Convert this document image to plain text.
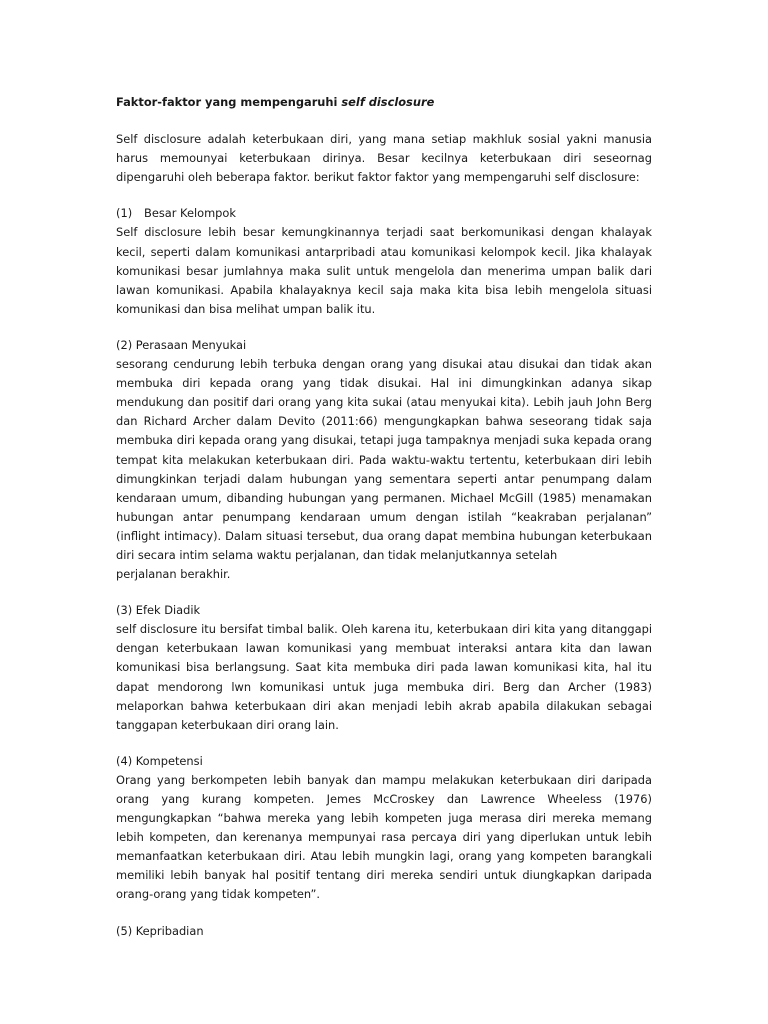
Faktor-faktor yang mempengaruhi self disclosure

Self disclosure adalah keterbukaan diri, yang mana setiap makhluk sosial yakni manusia harus memounyai keterbukaan dirinya. Besar kecilnya keterbukaan diri seseornag dipengaruhi oleh beberapa faktor. berikut faktor faktor yang mempengaruhi self disclosure:

(1) Besar Kelompok

Self disclosure lebih besar kemungkinannya terjadi saat berkomunikasi dengan khalayak kecil, seperti dalam komunikasi antarpribadi atau komunikasi kelompok kecil. Jika khalayak komunikasi besar jumlahnya maka sulit untuk mengelola dan menerima umpan balik dari lawan komunikasi. Apabila khalayaknya kecil saja maka kita bisa lebih mengelola situasi komunikasi dan bisa melihat umpan balik itu.

(2) Perasaan Menyukai

sesorang cendurung lebih terbuka dengan orang yang disukai atau disukai dan tidak akan membuka diri kepada orang yang tidak disukai. Hal ini dimungkinkan adanya sikap mendukung dan positif dari orang yang kita sukai (atau menyukai kita). Lebih jauh John Berg dan Richard Archer dalam Devito (2011:66) mengungkapkan bahwa seseorang tidak saja membuka diri kepada orang yang disukai, tetapi juga tampaknya menjadi suka kepada orang tempat kita melakukan keterbukaan diri. Pada waktu-waktu tertentu, keterbukaan diri lebih dimungkinkan terjadi dalam hubungan yang sementara seperti antar penumpang dalam kendaraan umum, dibanding hubungan yang permanen. Michael McGill (1985) menamakan hubungan antar penumpang kendaraan umum dengan istilah “keakraban perjalanan” (inflight intimacy). Dalam situasi tersebut, dua orang dapat membina hubungan keterbukaan diri secara intim selama waktu perjalanan, dan tidak melanjutkannya setelah

perjalanan berakhir.

(3) Efek Diadik

self disclosure itu bersifat timbal balik. Oleh karena itu, keterbukaan diri kita yang ditanggapi dengan keterbukaan lawan komunikasi yang membuat interaksi antara kita dan lawan komunikasi bisa berlangsung. Saat kita membuka diri pada lawan komunikasi kita, hal itu dapat mendorong lwn komunikasi untuk juga membuka diri. Berg dan Archer (1983) melaporkan bahwa keterbukaan diri akan menjadi lebih akrab apabila dilakukan sebagai tanggapan keterbukaan diri orang lain.

(4) Kompetensi

Orang yang berkompeten lebih banyak dan mampu melakukan keterbukaan diri daripada orang yang kurang kompeten. Jemes McCroskey dan Lawrence Wheeless (1976) mengungkapkan “bahwa mereka yang lebih kompeten juga merasa diri mereka memang lebih kompeten, dan kerenanya mempunyai rasa percaya diri yang diperlukan untuk lebih memanfaatkan keterbukaan diri. Atau lebih mungkin lagi, orang yang kompeten barangkali memiliki lebih banyak hal positif tentang diri mereka sendiri untuk diungkapkan daripada orang-orang yang tidak kompeten”.

(5) Kepribadian
